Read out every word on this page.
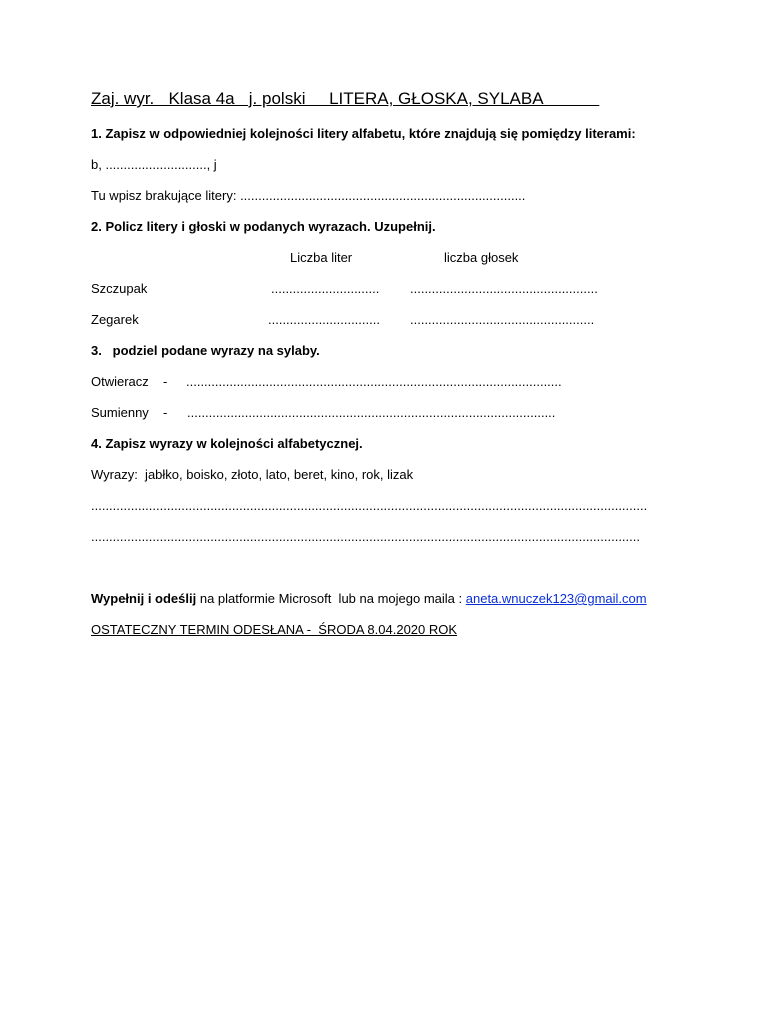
Zaj. wyr.   Klasa 4a   j. polski     LITERA, GŁOSKA, SYLABA
1. Zapisz w odpowiedniej kolejności litery alfabetu, które znajdują się pomiędzy literami:
b, ............................, j
Tu wpisz brakujące litery: ...............................................................................
2. Policz litery i głoski w podanych wyrazach. Uzupełnij.
Liczba liter	liczba głosek
Szczupak	.............................. ....................................................
Zegarek	............................... ...................................................
3.   podziel podane wyrazy na sylaby.
Otwieracz - ........................................................................................................
Sumienny - ......................................................................................................
4. Zapisz wyrazy w kolejności alfabetycznej.
Wyrazy:  jabłko, boisko, złoto, lato, beret, kino, rok, lizak
..........................................................................................................................................................
........................................................................................................................................................
Wypełnij i odeślij na platformie Microsoft  lub na mojego maila : aneta.wnuczek123@gmail.com
OSTATECZNY TERMIN ODESŁANA -  ŚRODA 8.04.2020 ROK
